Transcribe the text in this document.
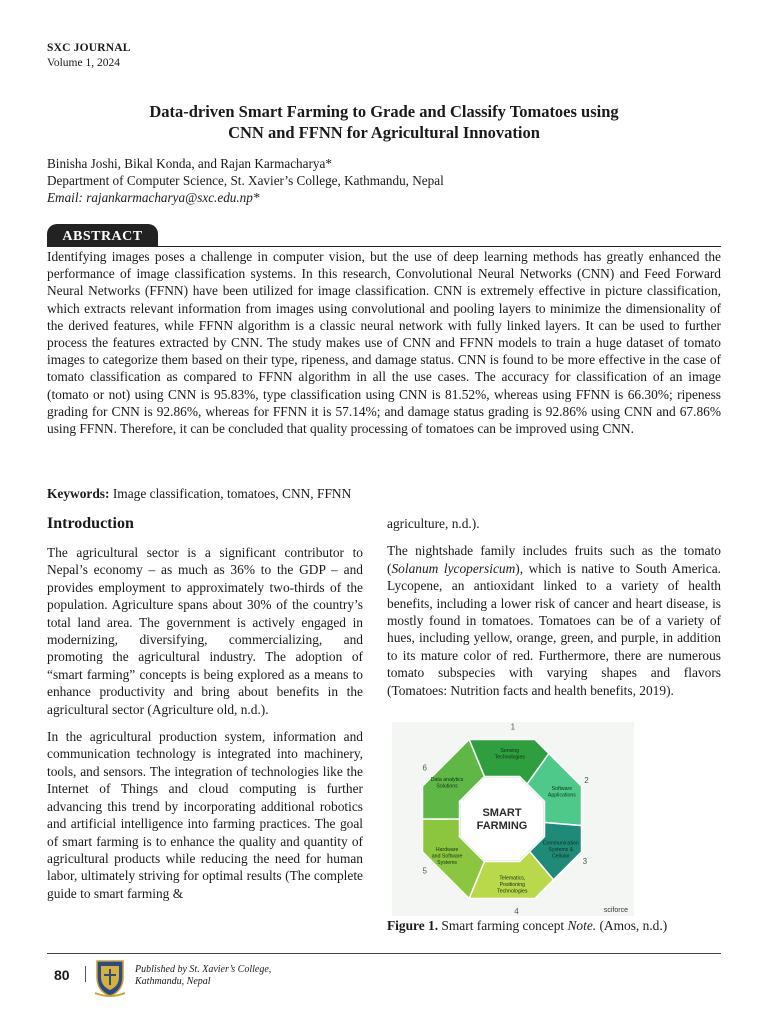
SXC JOURNAL
Volume 1, 2024
Data-driven Smart Farming to Grade and Classify Tomatoes using
CNN and FFNN for Agricultural Innovation
Binisha Joshi, Bikal Konda, and Rajan Karmacharya*
Department of Computer Science, St. Xavier’s College, Kathmandu, Nepal
Email: rajankarmacharya@sxc.edu.np*
ABSTRACT
Identifying images poses a challenge in computer vision, but the use of deep learning methods has greatly enhanced the performance of image classification systems. In this research, Convolutional Neural Networks (CNN) and Feed Forward Neural Networks (FFNN) have been utilized for image classification. CNN is extremely effective in picture classification, which extracts relevant information from images using convolutional and pooling layers to minimize the dimensionality of the derived features, while FFNN algorithm is a classic neural network with fully linked layers. It can be used to further process the features extracted by CNN. The study makes use of CNN and FFNN models to train a huge dataset of tomato images to categorize them based on their type, ripeness, and damage status. CNN is found to be more effective in the case of tomato classification as compared to FFNN algorithm in all the use cases. The accuracy for classification of an image (tomato or not) using CNN is 95.83%, type classification using CNN is 81.52%, whereas using FFNN is 66.30%; ripeness grading for CNN is 92.86%, whereas for FFNN it is 57.14%; and damage status grading is 92.86% using CNN and 67.86% using FFNN. Therefore, it can be concluded that quality processing of tomatoes can be improved using CNN.
Keywords: Image classification, tomatoes, CNN, FFNN
Introduction

The agricultural sector is a significant contributor to Nepal’s economy – as much as 36% to the GDP – and provides employment to approximately two-thirds of the population. Agriculture spans about 30% of the country’s total land area. The government is actively engaged in modernizing, diversifying, commercializing, and promoting the agricultural industry. The adoption of “smart farming” concepts is being explored as a means to enhance productivity and bring about benefits in the agricultural sector (Agriculture old, n.d.).

In the agricultural production system, information and communication technology is integrated into machinery, tools, and sensors. The integration of technologies like the Internet of Things and cloud computing is further advancing this trend by incorporating additional robotics and artificial intelligence into farming practices. The goal of smart farming is to enhance the quality and quantity of agricultural products while reducing the need for human labor, ultimately striving for optimal results (The complete guide to smart farming &

agriculture, n.d.).

The nightshade family includes fruits such as the tomato (Solanum lycopersicum), which is native to South America. Lycopene, an antioxidant linked to a variety of health benefits, including a lower risk of cancer and heart disease, is mostly found in tomatoes. Tomatoes can be of a variety of hues, including yellow, orange, green, and purple, in addition to its mature color of red. Furthermore, there are numerous tomato subspecies with varying shapes and flavors (Tomatoes: Nutrition facts and health benefits, 2019).

1
Sensing
Technologies
2
Software
Applications
3
Communication
Systems &
Cellular
4
Telematics,
Positioning
Technologies
5
Hardware
and Software
Systems
6
Data analytics
Solutions
SMART
FARMING
sciforce
Figure 1. Smart farming concept Note. (Amos, n.d.)
80	Published by St. Xavier’s College,
Kathmandu, Nepal
